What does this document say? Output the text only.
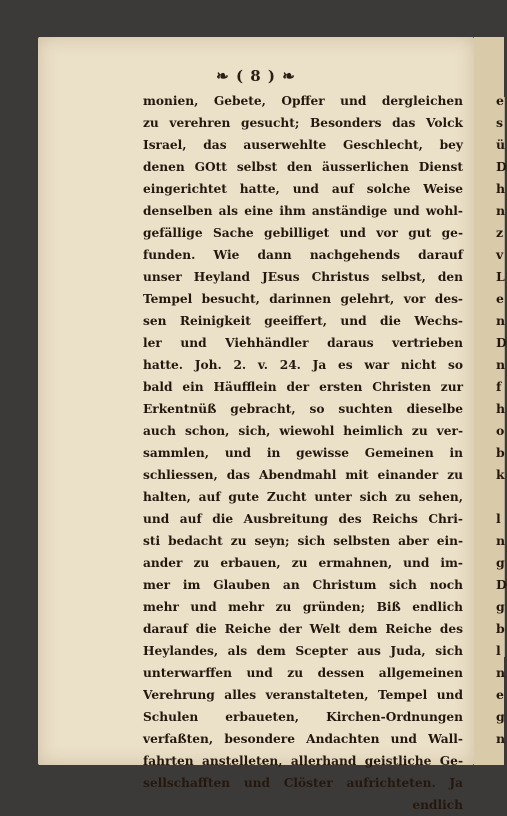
❧ ( 8 ) ❧
monien, Gebete, Opffer und dergleichen
zu verehren gesucht; Besonders das Volck
Israel, das auserwehlte Geschlecht, bey
denen GOtt selbst den äusserlichen Dienst
eingerichtet hatte, und auf solche Weise
denselben als eine ihm anständige und wohl-
gefällige Sache gebilliget und vor gut ge-
funden. Wie dann nachgehends darauf
unser Heyland JEsus Christus selbst, den
Tempel besucht, darinnen gelehrt, vor des-
sen Reinigkeit geeiffert, und die Wechs-
ler und Viehhändler daraus vertrieben
hatte. Joh. 2. v. 24. Ja es war nicht so
bald ein Häufflein der ersten Christen zur
Erkentnüß gebracht, so suchten dieselbe
auch schon, sich, wiewohl heimlich zu ver-
sammlen, und in gewisse Gemeinen in
schliessen, das Abendmahl mit einander zu
halten, auf gute Zucht unter sich zu sehen,
und auf die Ausbreitung des Reichs Chri-
sti bedacht zu seyn; sich selbsten aber ein-
ander zu erbauen, zu ermahnen, und im-
mer im Glauben an Christum sich noch
mehr und mehr zu gründen; Biß endlich
darauf die Reiche der Welt dem Reiche des
Heylandes, als dem Scepter aus Juda, sich
unterwarffen und zu dessen allgemeinen
Verehrung alles veranstalteten, Tempel und
Schulen erbaueten, Kirchen-Ordnungen
verfaßten, besondere Andachten und Wall-
fahrten anstelleten, allerhand geistliche Ge-
sellschafften und Clöster aufrichteten. Ja
endlich
e
s
ü
D
h
n
z
v
L
e
n
D
n
f
h
o
b
k
l
n
g
D
g
b
l
n
e
g
n
